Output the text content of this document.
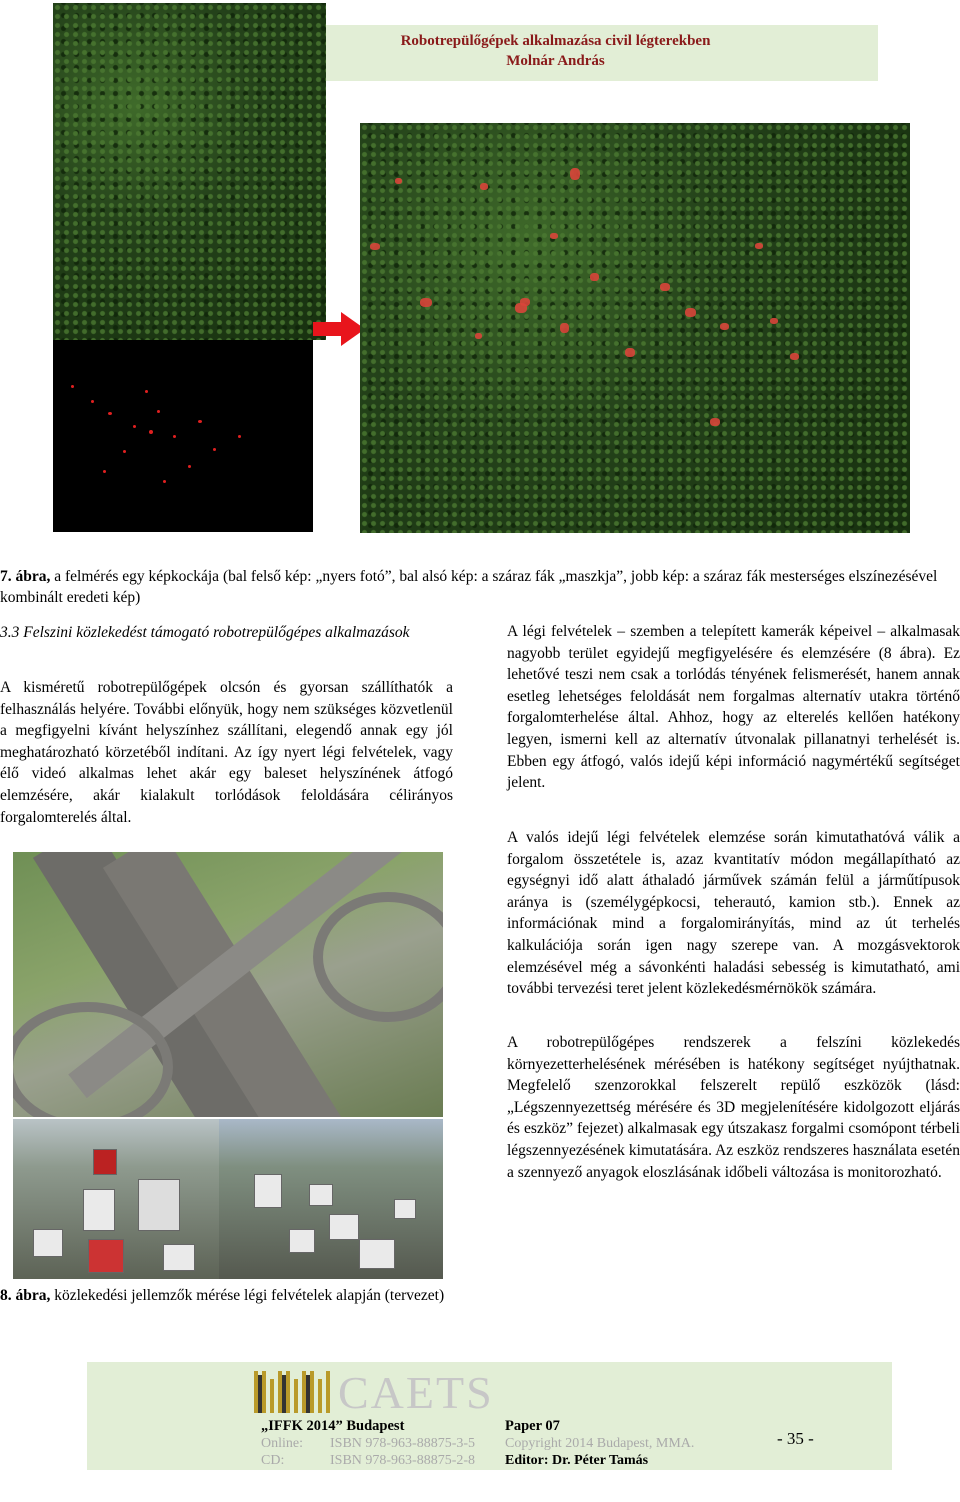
Robotrepülőgépek alkalmazása civil légterekben
Molnár András
7. ábra, a felmérés egy képkockája (bal felső kép: „nyers fotó”, bal alsó kép: a száraz fák „maszkja”, jobb kép: a száraz fák mesterséges elszínezésével kombinált eredeti kép)
3.3 Felszini közlekedést támogató robotrepülőgépes alkalmazások
A kisméretű robotrepülőgépek olcsón és gyorsan szállíthatók a felhasználás helyére. További előnyük, hogy nem szükséges közvetlenül a megfigyelni kívánt helyszínhez szállítani, elegendő annak egy jól meghatározható körzetéből indítani. Az így nyert légi felvételek, vagy élő videó alkalmas lehet akár egy baleset helyszínének átfogó elemzésére, akár kialakult torlódások feloldására célirányos forgalomterelés által.
8. ábra, közlekedési jellemzők mérése légi felvételek alapján (tervezet)
A légi felvételek – szemben a telepített kamerák képeivel – alkalmasak nagyobb terület egyidejű megfigyelésére és elemzésére (8 ábra). Ez lehetővé teszi nem csak a torlódás tényének felismerését, hanem annak esetleg lehetséges feloldását nem forgalmas alternatív utakra történő forgalomterhelése által. Ahhoz, hogy az elterelés kellően hatékony legyen, ismerni kell az alternatív útvonalak pillanatnyi terhelését is. Ebben egy átfogó, valós idejű képi információ nagymértékű segítséget jelent.
A valós idejű légi felvételek elemzése során kimutathatóvá válik a forgalom összetétele is, azaz kvantitatív módon megállapítható az egységnyi idő alatt áthaladó járművek számán felül a járműtípusok aránya is (személygépkocsi, teherautó, kamion stb.). Ennek az információnak mind a forgalomirányítás, mind az út terhelés kalkulációja során igen nagy szerepe van. A mozgásvektorok elemzésével még a sávonkénti haladási sebesség is kimutatható, ami további tervezési teret jelent közlekedésmérnökök számára.
A robotrepülőgépes rendszerek a felszíni közlekedés környezetterhelésének mérésében is hatékony segítséget nyújthatnak. Megfelelő szenzorokkal felszerelt repülő eszközök (lásd: „Légszennyezettség mérésére és 3D megjelenítésére kidolgozott eljárás és eszköz” fejezet) alkalmasak egy útszakasz forgalmi csomópont térbeli légszennyezésének kimutatására. Az eszköz rendszeres használata esetén a szennyező anyagok eloszlásának időbeli változása is monitorozható.
CAETS
„IFFK 2014” Budapest
Online: ISBN 978-963-88875-3-5
CD:	ISBN 978-963-88875-2-8
Paper 07
Copyright 2014 Budapest, MMA.
Editor: Dr. Péter Tamás
- 35 -
